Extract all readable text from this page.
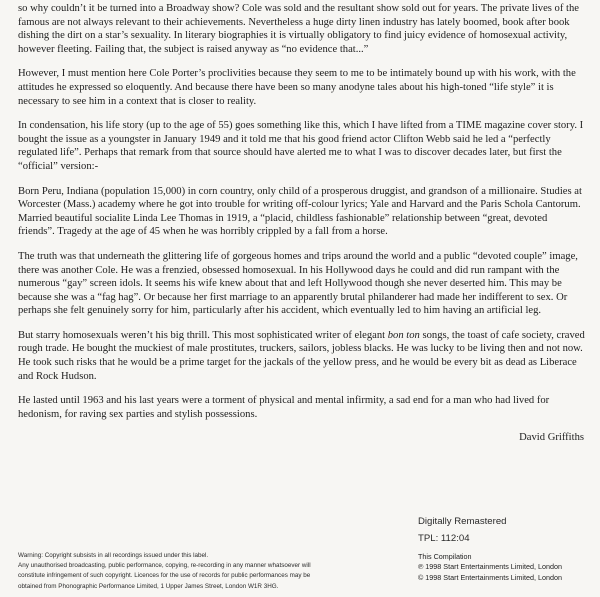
so why couldn’t it be turned into a Broadway show? Cole was sold and the resultant show sold out for years. The private lives of the famous are not always relevant to their achievements. Nevertheless a huge dirty linen industry has lately boomed, book after book dishing the dirt on a star’s sexuality. In literary biographies it is virtually obligatory to find juicy evidence of homosexual activity, however fleeting. Failing that, the subject is raised anyway as “no evidence that...”

However, I must mention here Cole Porter’s proclivities because they seem to me to be intimately bound up with his work, with the attitudes he expressed so eloquently. And because there have been so many anodyne tales about his high-toned “life style” it is necessary to see him in a context that is closer to reality.

In condensation, his life story (up to the age of 55) goes something like this, which I have lifted from a TIME magazine cover story. I bought the issue as a youngster in January 1949 and it told me that his good friend actor Clifton Webb said he led a “perfectly regulated life”. Perhaps that remark from that source should have alerted me to what I was to discover decades later, but first the “official” version:-

Born Peru, Indiana (population 15,000) in corn country, only child of a prosperous druggist, and grandson of a millionaire. Studies at Worcester (Mass.) academy where he got into trouble for writing off-colour lyrics; Yale and Harvard and the Paris Schola Cantorum. Married beautiful socialite Linda Lee Thomas in 1919, a “placid, childless fashionable” relationship between “great, devoted friends”. Tragedy at the age of 45 when he was horribly crippled by a fall from a horse.

The truth was that underneath the glittering life of gorgeous homes and trips around the world and a public “devoted couple” image, there was another Cole. He was a frenzied, obsessed homosexual. In his Hollywood days he could and did run rampant with the numerous “gay” screen idols. It seems his wife knew about that and left Hollywood though she never deserted him. This may be because she was a “fag hag”. Or because her first marriage to an apparently brutal philanderer had made her indifferent to sex. Or perhaps she felt genuinely sorry for him, particularly after his accident, which eventually led to him having an artificial leg.

But starry homosexuals weren’t his big thrill. This most sophisticated writer of elegant bon ton songs, the toast of cafe society, craved rough trade. He bought the muckiest of male prostitutes, truckers, sailors, jobless blacks. He was lucky to be living then and not now. He took such risks that he would be a prime target for the jackals of the yellow press, and he would be every bit as dead as Liberace and Rock Hudson.

He lasted until 1963 and his last years were a torment of physical and mental infirmity, a sad end for a man who had lived for hedonism, for raving sex parties and stylish possessions.

David Griffiths
Digitally Remastered
TPL: 112:04
This Compilation
℗ 1998 Start Entertainments Limited, London
© 1998 Start Entertainments Limited, London
Warning: Copyright subsists in all recordings issued under this label.
Any unauthorised broadcasting, public performance, copying, re-recording in any manner whatsoever will
constitute infringement of such copyright. Licences for the use of records for public performances may be
obtained from Phonographic Performance Limited, 1 Upper James Street, London W1R 3HG.
